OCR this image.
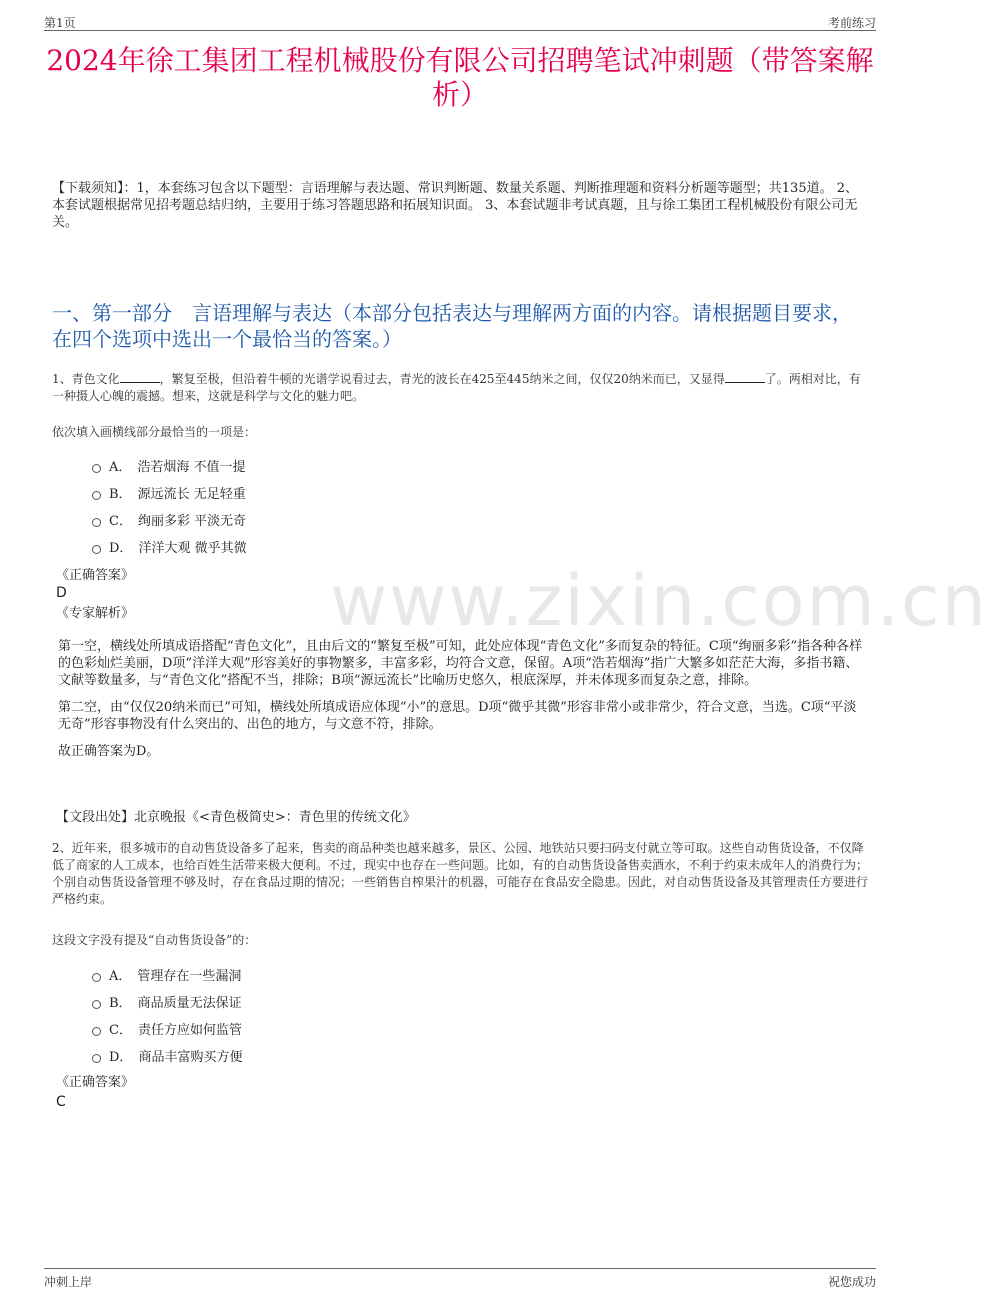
第1页	考前练习
2024年徐工集团工程机械股份有限公司招聘笔试冲刺题（带答案解析）
【下载须知】：1，本套练习包含以下题型：言语理解与表达题、常识判断题、数量关系题、判断推理题和资料分析题等题型；共135道。 2、本套试题根据常见招考题总结归纳，主要用于练习答题思路和拓展知识面。 3、本套试题非考试真题，且与徐工集团工程机械股份有限公司无关。
一、第一部分　言语理解与表达（本部分包括表达与理解两方面的内容。请根据题目要求，在四个选项中选出一个最恰当的答案。）
www.zixin.com.cn
1、青色文化	，繁复至极，但沿着牛顿的光谱学说看过去，青光的波长在425至445纳米之间，仅仅20纳米而已，又显得	了。两相对比，有一种摄人心魄的震撼。想来，这就是科学与文化的魅力吧。
依次填入画横线部分最恰当的一项是：
A． 浩若烟海 不值一提
B． 源远流长 无足轻重
C． 绚丽多彩 平淡无奇
D． 洋洋大观 微乎其微
《正确答案》
D
《专家解析》

第一空，横线处所填成语搭配“青色文化”，且由后文的“繁复至极”可知，此处应体现“青色文化”多而复杂的特征。C项“绚丽多彩”指各种各样的色彩灿烂美丽，D项“洋洋大观”形容美好的事物繁多，丰富多彩，均符合文意，保留。A项“浩若烟海”指广大繁多如茫茫大海，多指书籍、文献等数量多，与“青色文化”搭配不当，排除；B项“源远流长”比喻历史悠久，根底深厚，并未体现多而复杂之意，排除。

第二空，由“仅仅20纳米而已”可知，横线处所填成语应体现“小”的意思。D项“微乎其微”形容非常小或非常少，符合文意，当选。C项“平淡无奇”形容事物没有什么突出的、出色的地方，与文意不符，排除。

故正确答案为D。

【文段出处】北京晚报《<青色极简史>：青色里的传统文化》
2、近年来，很多城市的自动售货设备多了起来，售卖的商品种类也越来越多，景区、公园、地铁站只要扫码支付就立等可取。这些自动售货设备，不仅降低了商家的人工成本，也给百姓生活带来极大便利。不过，现实中也存在一些问题。比如，有的自动售货设备售卖酒水，不利于约束未成年人的消费行为；个别自动售货设备管理不够及时，存在食品过期的情况；一些销售自榨果汁的机器，可能存在食品安全隐患。因此，对自动售货设备及其管理责任方要进行严格约束。
这段文字没有提及“自动售货设备”的：
A． 管理存在一些漏洞
B． 商品质量无法保证
C． 责任方应如何监管
D． 商品丰富购买方便
《正确答案》
C
冲刺上岸	祝您成功
